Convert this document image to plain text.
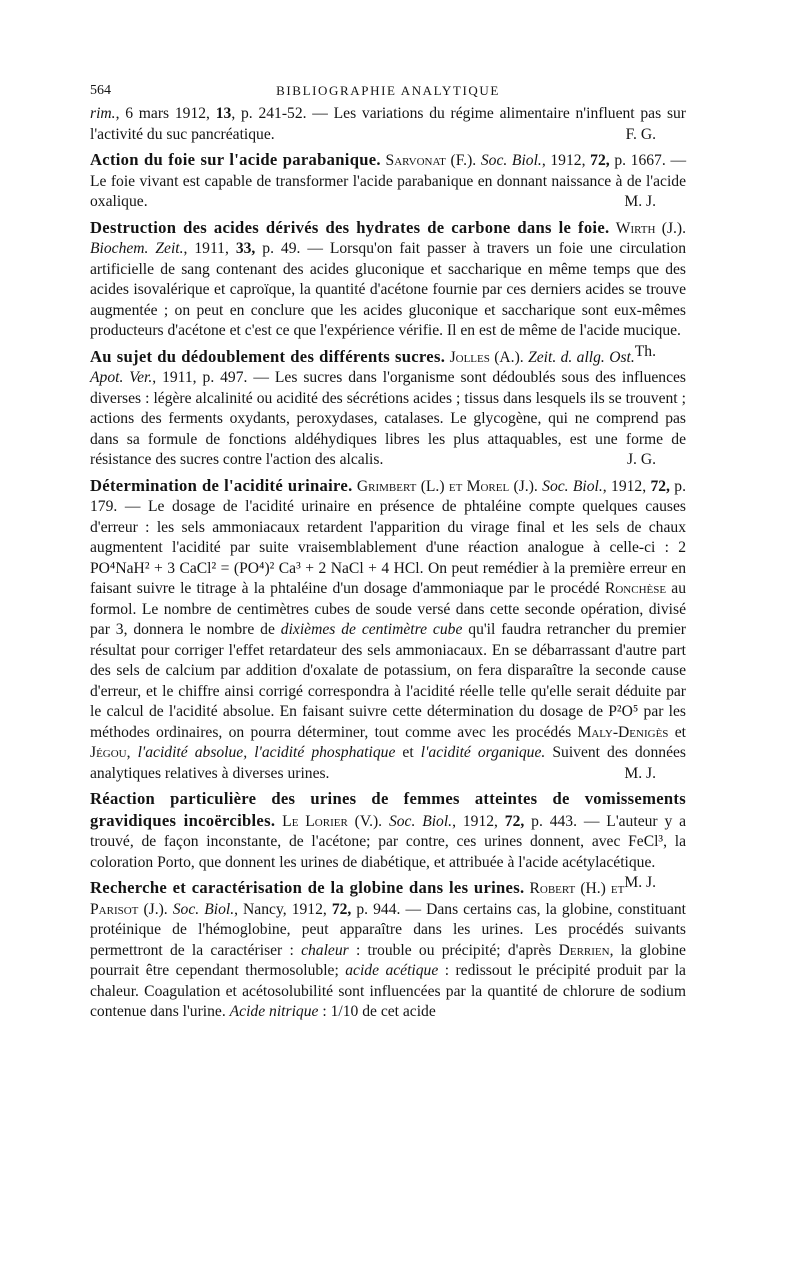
564	BIBLIOGRAPHIE ANALYTIQUE

rim., 6 mars 1912, 13, p. 241-52. — Les variations du régime alimentaire n'influent pas sur l'activité du suc pancréatique.	F. G.

Action du foie sur l'acide parabanique. Sarvonat (F.). Soc. Biol., 1912, 72, p. 1667. — Le foie vivant est capable de transformer l'acide parabanique en donnant naissance à de l'acide oxalique.	M. J.

Destruction des acides dérivés des hydrates de carbone dans le foie. Wirth (J.). Biochem. Zeit., 1911, 33, p. 49. — Lorsqu'on fait passer à travers un foie une circulation artificielle de sang contenant des acides gluconique et saccharique en même temps que des acides isovalérique et caproïque, la quantité d'acétone fournie par ces derniers acides se trouve augmentée ; on peut en conclure que les acides gluconique et saccharique sont eux-mêmes producteurs d'acétone et c'est ce que l'expérience vérifie. Il en est de même de l'acide mucique.
Th.

Au sujet du dédoublement des différents sucres. Jolles (A.). Zeit. d. allg. Ost. Apot. Ver., 1911, p. 497. — Les sucres dans l'organisme sont dédoublés sous des influences diverses : légère alcalinité ou acidité des sécrétions acides ; tissus dans lesquels ils se trouvent ; actions des ferments oxydants, peroxydases, catalases. Le glycogène, qui ne comprend pas dans sa formule de fonctions aldéhydiques libres les plus attaquables, est une forme de résistance des sucres contre l'action des alcalis.	J. G.

Détermination de l'acidité urinaire. Grimbert (L.) et Morel (J.). Soc. Biol., 1912, 72, p. 179. — Le dosage de l'acidité urinaire en présence de phtaléine compte quelques causes d'erreur : les sels ammoniacaux retardent l'apparition du virage final et les sels de chaux augmentent l'acidité par suite vraisemblablement d'une réaction analogue à celle-ci : 2 PO⁴NaH² + 3 CaCl² = (PO⁴)² Ca³ + 2 NaCl + 4 HCl. On peut remédier à la première erreur en faisant suivre le titrage à la phtaléine d'un dosage d'ammoniaque par le procédé Ronchèse au formol. Le nombre de centimètres cubes de soude versé dans cette seconde opération, divisé par 3, donnera le nombre de dixièmes de centimètre cube qu'il faudra retrancher du premier résultat pour corriger l'effet retardateur des sels ammoniacaux. En se débarrassant d'autre part des sels de calcium par addition d'oxalate de potassium, on fera disparaître la seconde cause d'erreur, et le chiffre ainsi corrigé correspondra à l'acidité réelle telle qu'elle serait déduite par le calcul de l'acidité absolue. En faisant suivre cette détermination du dosage de P²O⁵ par les méthodes ordinaires, on pourra déterminer, tout comme avec les procédés Maly-Denigès et Jégou, l'acidité absolue, l'acidité phosphatique et l'acidité organique. Suivent des données analytiques relatives à diverses urines.	M. J.

Réaction particulière des urines de femmes atteintes de vomissements gravidiques incoërcibles. Le Lorier (V.). Soc. Biol., 1912, 72, p. 443. — L'auteur y a trouvé, de façon inconstante, de l'acétone; par contre, ces urines donnent, avec FeCl³, la coloration Porto, que donnent les urines de diabétique, et attribuée à l'acide acétylacétique.
M. J.

Recherche et caractérisation de la globine dans les urines. Robert (H.) et Parisot (J.). Soc. Biol., Nancy, 1912, 72, p. 944. — Dans certains cas, la globine, constituant protéinique de l'hémoglobine, peut apparaître dans les urines. Les procédés suivants permettront de la caractériser : chaleur : trouble ou précipité; d'après Derrien, la globine pourrait être cependant thermosoluble; acide acétique : redissout le précipité produit par la chaleur. Coagulation et acétosolubilité sont influencées par la quantité de chlorure de sodium contenue dans l'urine. Acide nitrique : 1/10 de cet acide
